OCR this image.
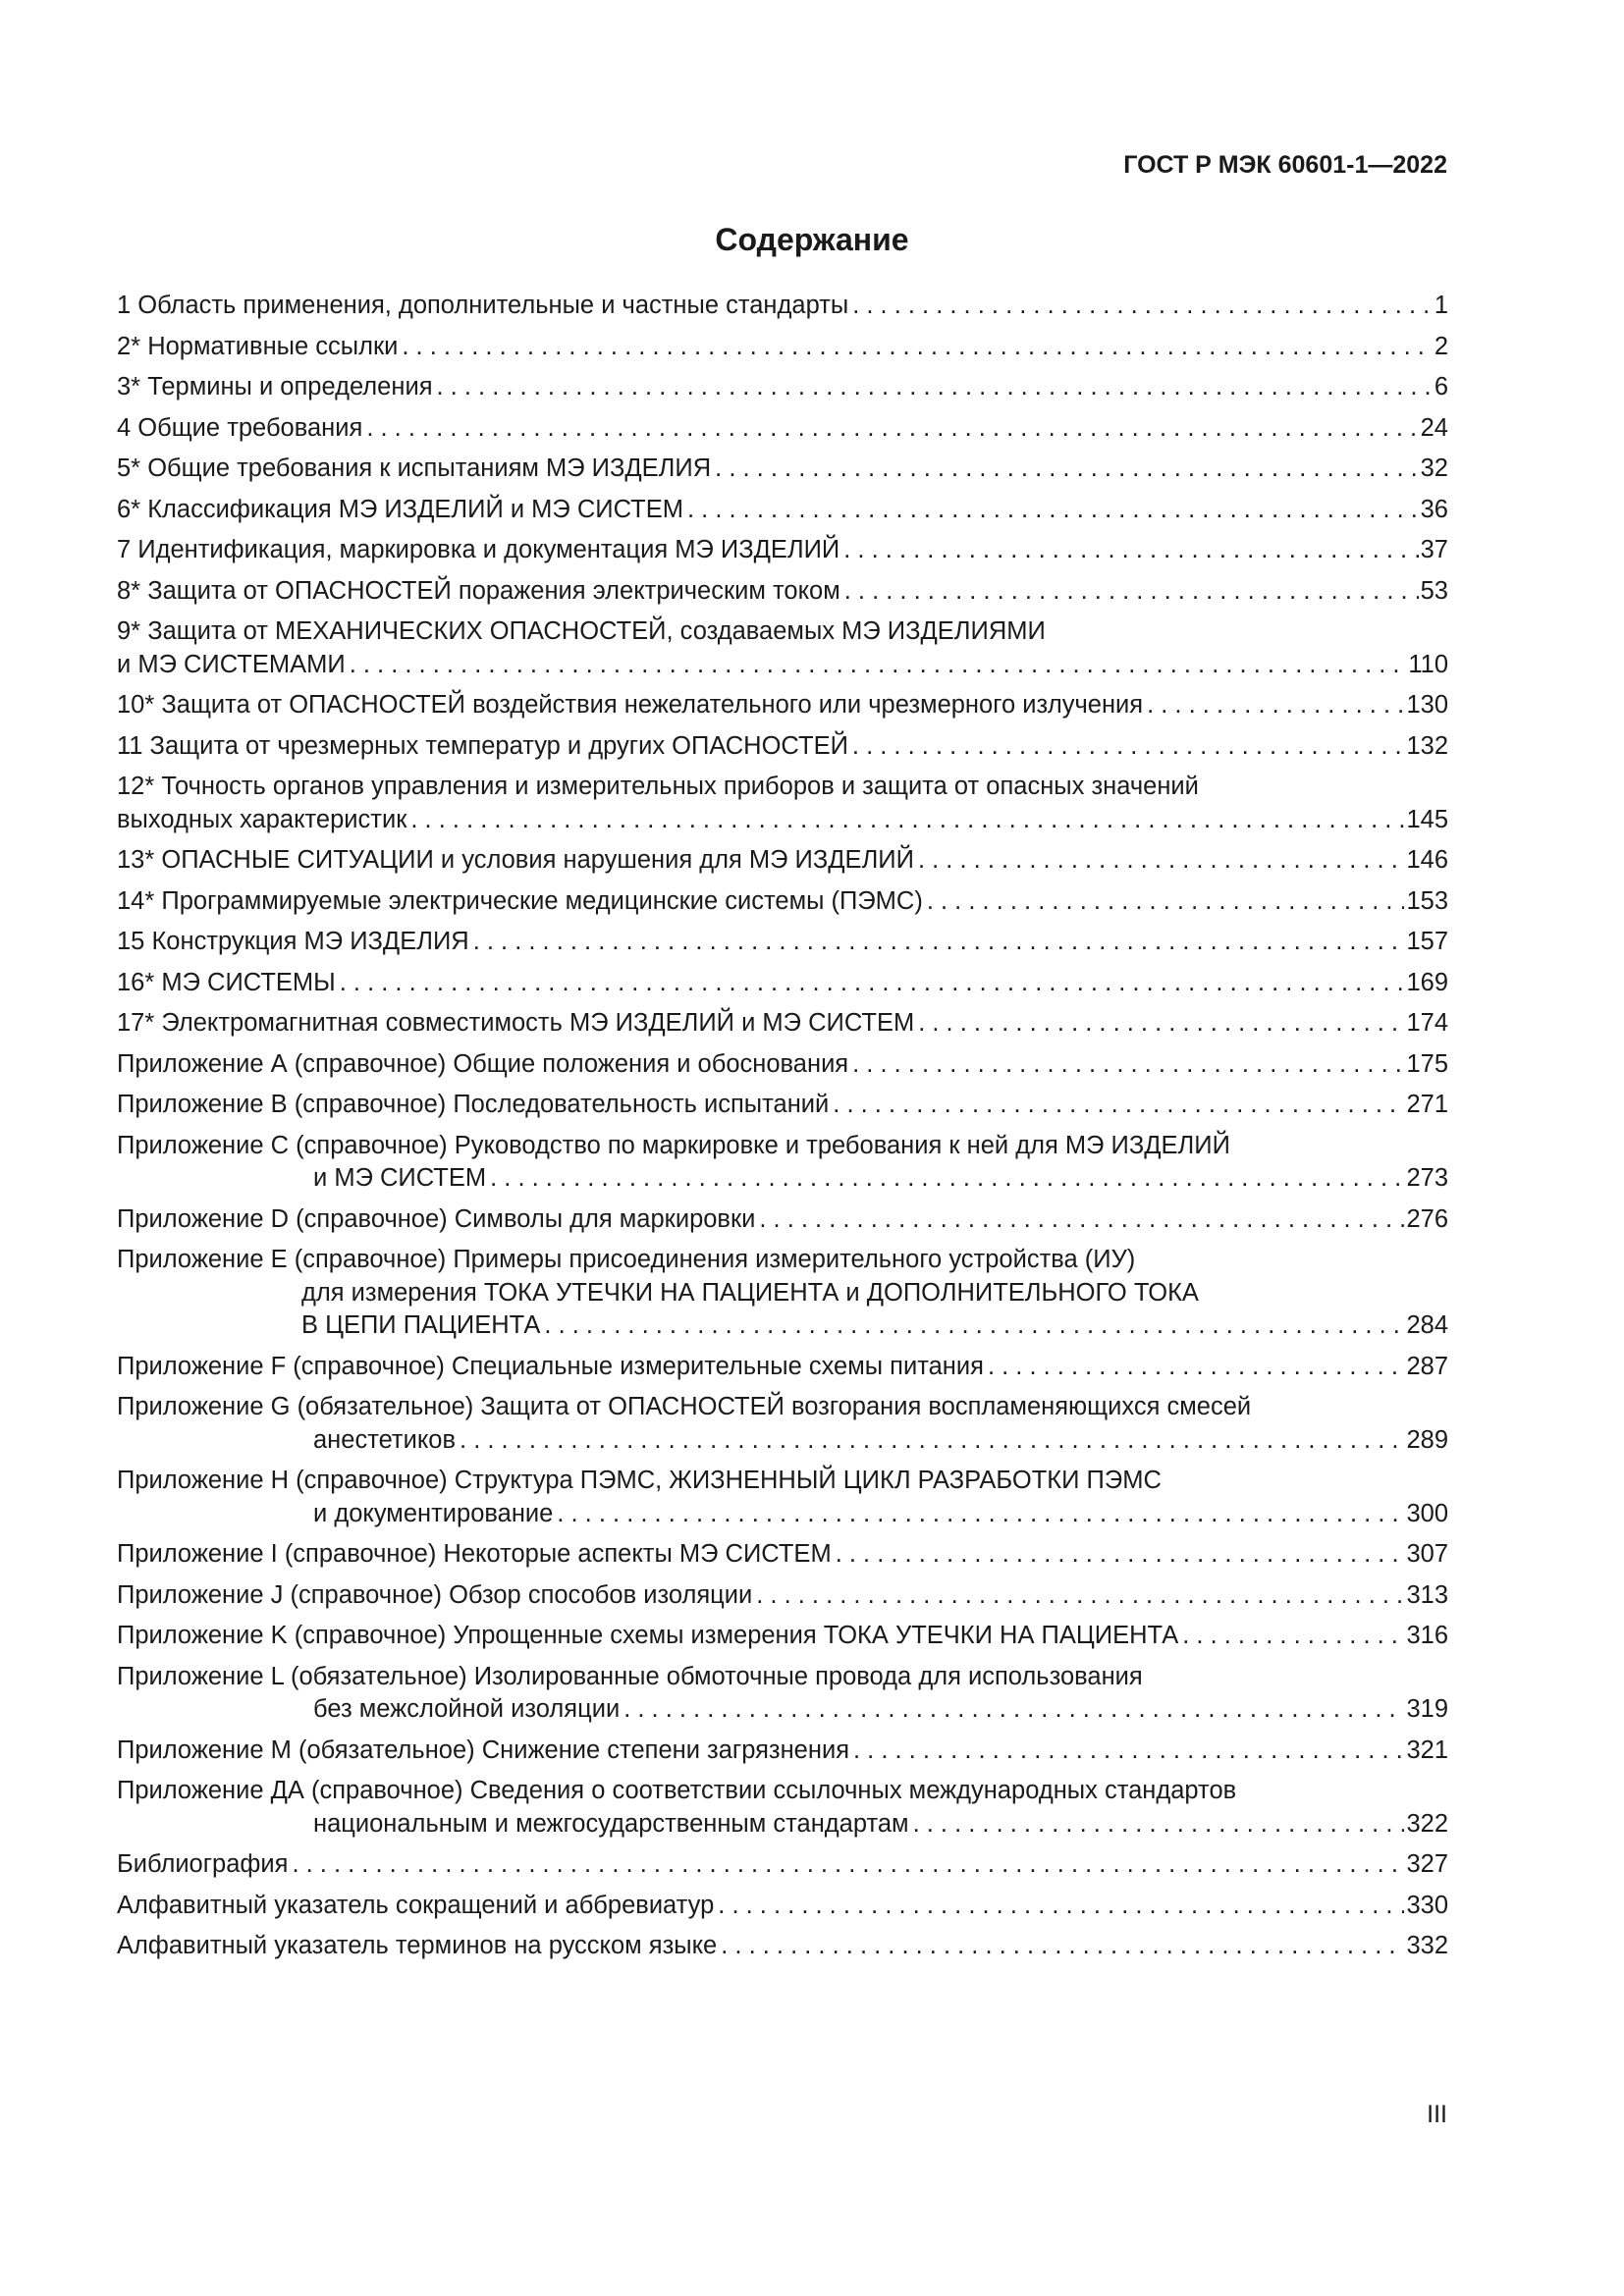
ГОСТ Р МЭК 60601-1—2022
Содержание
1 Область применения, дополнительные и частные стандарты . . .	1
2* Нормативные ссылки . . .	2
3* Термины и определения . . .	6
4 Общие требования . . .	24
5* Общие требования к испытаниям МЭ ИЗДЕЛИЯ . . .	32
6* Классификация МЭ ИЗДЕЛИЙ и МЭ СИСТЕМ . . .	36
7 Идентификация, маркировка и документация МЭ ИЗДЕЛИЙ . . .	37
8* Защита от ОПАСНОСТЕЙ поражения электрическим током . . .	53
9* Защита от МЕХАНИЧЕСКИХ ОПАСНОСТЕЙ, создаваемых МЭ ИЗДЕЛИЯМИ
и МЭ СИСТЕМАМИ . . .	110
10* Защита от ОПАСНОСТЕЙ воздействия нежелательного или чрезмерного излучения . . .	130
11 Защита от чрезмерных температур и других ОПАСНОСТЕЙ . . .	132
12* Точность органов управления и измерительных приборов и защита от опасных значений
выходных характеристик . . .	145
13* ОПАСНЫЕ СИТУАЦИИ и условия нарушения для МЭ ИЗДЕЛИЙ . . .	146
14* Программируемые электрические медицинские системы (ПЭМС) . . .	153
15 Конструкция МЭ ИЗДЕЛИЯ . . .	157
16* МЭ СИСТЕМЫ . . .	169
17* Электромагнитная совместимость МЭ ИЗДЕЛИЙ и МЭ СИСТЕМ . . .	174
Приложение А (справочное) Общие положения и обоснования . . .	175
Приложение В (справочное) Последовательность испытаний . . .	271
Приложение С (справочное) Руководство по маркировке и требования к ней для МЭ ИЗДЕЛИЙ
и МЭ СИСТЕМ . . .	273
Приложение D (справочное) Символы для маркировки . . .	276
Приложение Е (справочное) Примеры присоединения измерительного устройства (ИУ)
для измерения ТОКА УТЕЧКИ НА ПАЦИЕНТА и ДОПОЛНИТЕЛЬНОГО ТОКА
В ЦЕПИ ПАЦИЕНТА . . .	284
Приложение F (справочное) Специальные измерительные схемы питания . . .	287
Приложение G (обязательное) Защита от ОПАСНОСТЕЙ возгорания воспламеняющихся смесей
анестетиков . . .	289
Приложение Н (справочное) Структура ПЭМС, ЖИЗНЕННЫЙ ЦИКЛ РАЗРАБОТКИ ПЭМС
и документирование . . .	300
Приложение I (справочное) Некоторые аспекты МЭ СИСТЕМ . . .	307
Приложение J (справочное) Обзор способов изоляции . . .	313
Приложение K (справочное) Упрощенные схемы измерения ТОКА УТЕЧКИ НА ПАЦИЕНТА . . .	316
Приложение L (обязательное) Изолированные обмоточные провода для использования
без межслойной изоляции . . .	319
Приложение М (обязательное) Снижение степени загрязнения . . .	321
Приложение ДА (справочное) Сведения о соответствии ссылочных международных стандартов
национальным и межгосударственным стандартам . . .	322
Библиография . . .	327
Алфавитный указатель сокращений и аббревиатур . . .	330
Алфавитный указатель терминов на русском языке . . .	332
III
